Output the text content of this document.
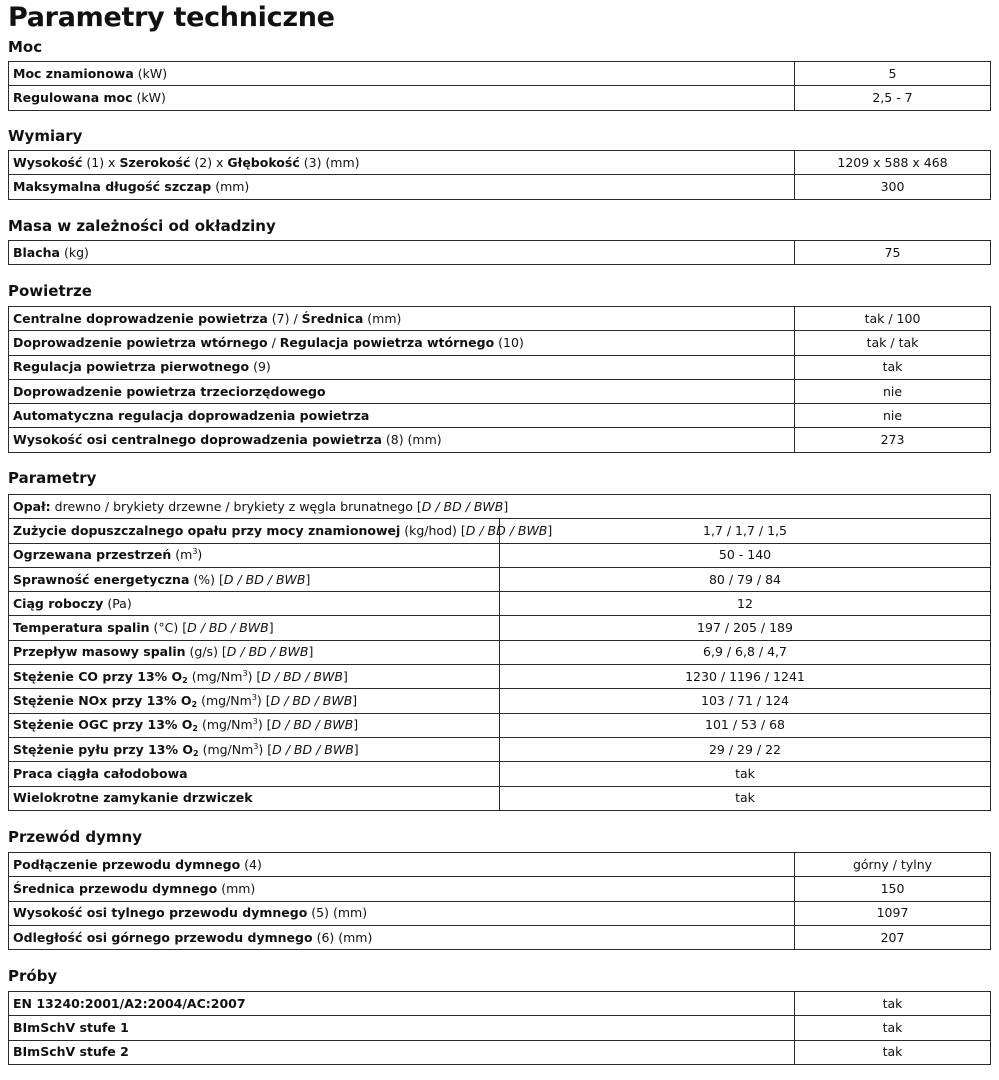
Parametry techniczne
Moc
Moc znamionowa (kW)	5
Regulowana moc (kW)	2,5 - 7
Wymiary
Wysokość (1) x Szerokość (2) x Głębokość (3) (mm)	1209 x 588 x 468
Maksymalna długość szczap (mm)	300
Masa w zależności od okładziny
Blacha (kg)	75
Powietrze
Centralne doprowadzenie powietrza (7) / Średnica (mm)	tak / 100
Doprowadzenie powietrza wtórnego / Regulacja powietrza wtórnego (10)	tak / tak
Regulacja powietrza pierwotnego (9)	tak
Doprowadzenie powietrza trzeciorzędowego	nie
Automatyczna regulacja doprowadzenia powietrza	nie
Wysokość osi centralnego doprowadzenia powietrza (8) (mm)	273
Parametry
Opał: drewno / brykiety drzewne / brykiety z węgla brunatnego [D / BD / BWB]	
Zużycie dopuszczalnego opału przy mocy znamionowej (kg/hod) [D / BD / BWB]	1,7 / 1,7 / 1,5
Ogrzewana przestrzeń $(m^3)$	50 - 140
Sprawność energetyczna (%) [D / BD / BWB]	80 / 79 / 84
Ciąg roboczy (Pa)	12
Temperatura spalin (°C) [D / BD / BWB]	197 / 205 / 189
Przepływ masowy spalin (g/s) [D / BD / BWB]	6,9 / 6,8 / 4,7
Stężenie CO przy 13% $O_2$ (mg/Nm$^3$) [D / BD / BWB]	1230 / 1196 / 1241
Stężenie NOx przy 13% $O_2$ (mg/Nm$^3$) [D / BD / BWB]	103 / 71 / 124
Stężenie OGC przy 13% $O_2$ (mg/Nm$^3$) [D / BD / BWB]	101 / 53 / 68
Stężenie pyłu przy 13% $O_2$ (mg/Nm$^3$) [D / BD / BWB]	29 / 29 / 22
Praca ciągła całodobowa	tak
Wielokrotne zamykanie drzwiczek	tak
Przewód dymny
Podłączenie przewodu dymnego (4)	górny / tylny
Średnica przewodu dymnego (mm)	150
Wysokość osi tylnego przewodu dymnego (5) (mm)	1097
Odległość osi górnego przewodu dymnego (6) (mm)	207
Próby
EN 13240:2001/A2:2004/AC:2007	tak
BImSchV stufe 1	tak
BImSchV stufe 2	tak
